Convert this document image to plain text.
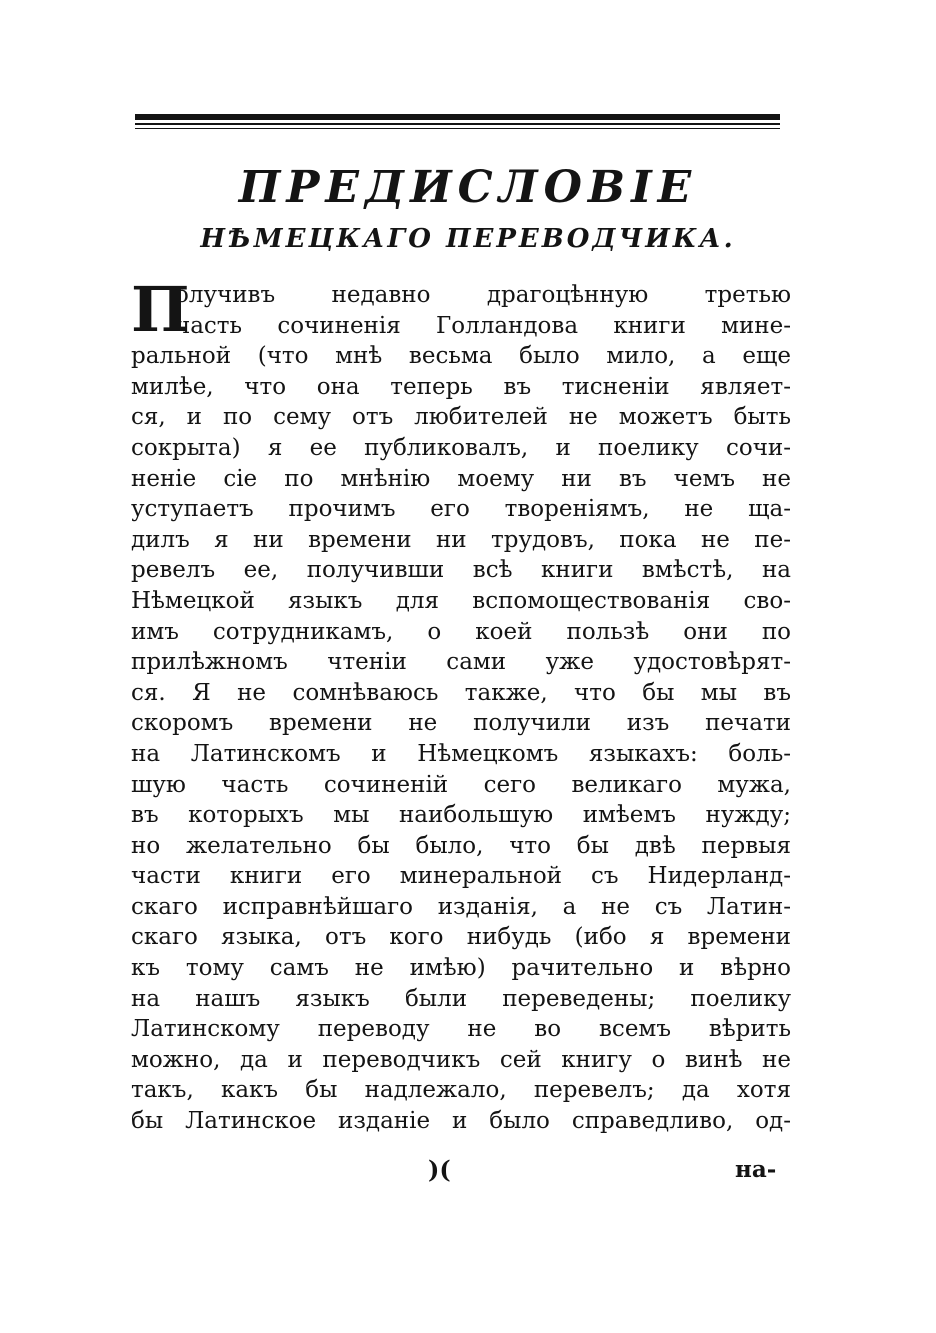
ПРЕДИСЛОВІЕ
НѢМЕЦКАГО ПЕРЕВОДЧИКА.
П
олучивъ недавно драгоцѣнную третью
часть сочиненія Голландова книги мине-
ральной (что мнѣ весьма было мило, а еще
милѣе, что она теперь въ тисненіи являет-
ся, и по сему отъ любителей не можетъ быть
сокрыта) я ее публиковалъ, и поелику сочи-
неніе сіе по мнѣнію моему ни въ чемъ не
уступаетъ прочимъ его твореніямъ, не ща-
дилъ я ни времени ни трудовъ, пока не пе-
ревелъ ее, получивши всѣ книги вмѣстѣ, на
Нѣмецкой языкъ для вспомоществованія сво-
имъ сотрудникамъ, о коей пользѣ они по
прилѣжномъ чтеніи сами уже удостовѣрят-
ся. Я не сомнѣваюсь также, что бы мы въ
скоромъ времени не получили изъ печати
на Латинскомъ и Нѣмецкомъ языкахъ: боль-
шую часть сочиненій сего великаго мужа,
въ которыхъ мы наибольшую имѣемъ нужду;
но желательно бы было, что бы двѣ первыя
части книги его минеральной съ Нидерланд-
скаго исправнѣйшаго изданія, а не съ Латин-
скаго языка, отъ кого нибудь (ибо я времени
къ тому самъ не имѣю) рачительно и вѣрно
на нашъ языкъ были переведены; поелику
Латинскому переводу не во всемъ вѣрить
можно, да и переводчикъ сей книгу о винѣ не
такъ, какъ бы надлежало, перевелъ; да хотя
бы Латинское изданіе и было справедливо, од-
)(	на-
